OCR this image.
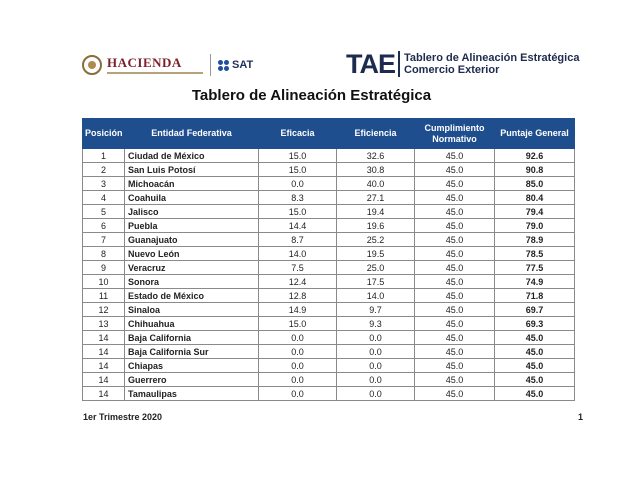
HACIENDA	SAT	TAE Tablero de Alineación Estratégica
Comercio Exterior
Tablero de Alineación Estratégica
Posición	Entidad Federativa	Eficacia	Eficiencia	Cumplimiento Normativo	Puntaje General
1	Ciudad de México	15.0	32.6	45.0	92.6
2	San Luis Potosí	15.0	30.8	45.0	90.8
3	Michoacán	0.0	40.0	45.0	85.0
4	Coahuila	8.3	27.1	45.0	80.4
5	Jalisco	15.0	19.4	45.0	79.4
6	Puebla	14.4	19.6	45.0	79.0
7	Guanajuato	8.7	25.2	45.0	78.9
8	Nuevo León	14.0	19.5	45.0	78.5
9	Veracruz	7.5	25.0	45.0	77.5
10	Sonora	12.4	17.5	45.0	74.9
11	Estado de México	12.8	14.0	45.0	71.8
12	Sinaloa	14.9	9.7	45.0	69.7
13	Chihuahua	15.0	9.3	45.0	69.3
14	Baja California	0.0	0.0	45.0	45.0
14	Baja California Sur	0.0	0.0	45.0	45.0
14	Chiapas	0.0	0.0	45.0	45.0
14	Guerrero	0.0	0.0	45.0	45.0
14	Tamaulipas	0.0	0.0	45.0	45.0
1er Trimestre 2020	1
